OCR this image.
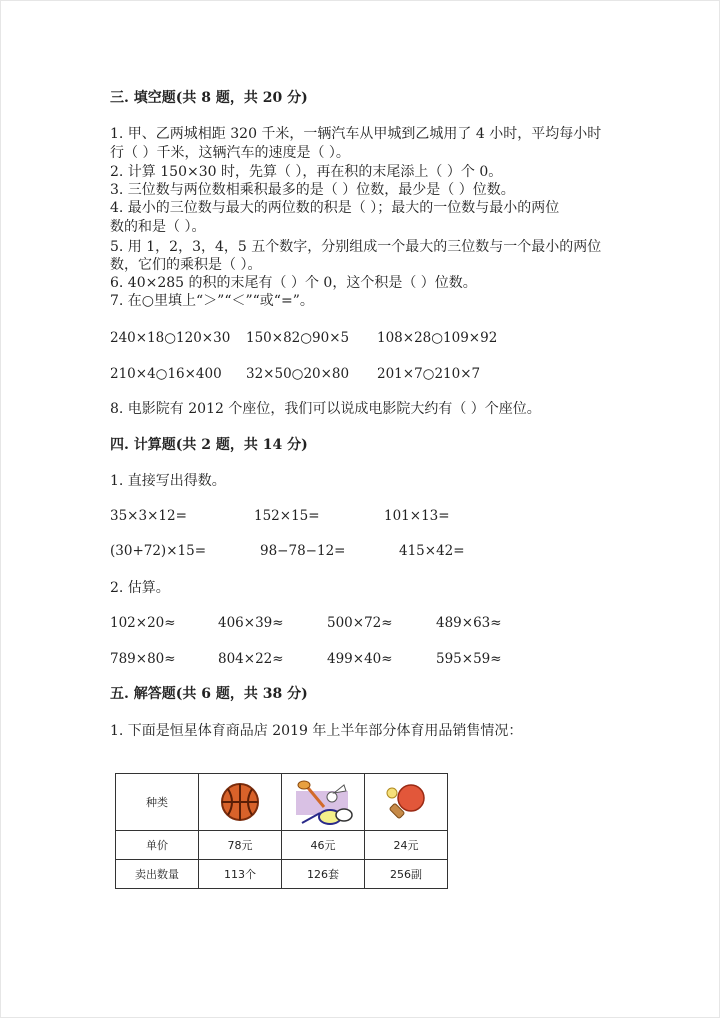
三. 填空题(共 8 题，共 20 分)
1. 甲、乙两城相距 320 千米，一辆汽车从甲城到乙城用了 4 小时，平均每小时
行（ ）千米，这辆汽车的速度是（ ）。
2. 计算 150×30 时，先算（ ），再在积的末尾添上（ ）个 0。
3. 三位数与两位数相乘积最多的是（ ）位数，最少是（ ）位数。
4. 最小的三位数与最大的两位数的积是（ ）；最大的一位数与最小的两位
数的和是（ ）。
5. 用 1，2，3，4，5 五个数字，分别组成一个最大的三位数与一个最小的两位
数，它们的乘积是（ ）。
6. 40×285 的积的末尾有（ ）个 0，这个积是（ ）位数。
7. 在○里填上“＞”“＜”“或“=”。
240×18○120×30 150×82○90×5 108×28○109×92
210×4○16×400 32×50○20×80 201×7○210×7
8. 电影院有 2012 个座位，我们可以说成电影院大约有（ ）个座位。
四. 计算题(共 2 题，共 14 分)
1. 直接写出得数。
35×3×12=	152×15=	101×13=
(30+72)×15=	98−78−12=	415×42=
2. 估算。
102×20≈	406×39≈	500×72≈	489×63≈
789×80≈	804×22≈	499×40≈	595×59≈
五. 解答题(共 6 题，共 38 分)
1. 下面是恒星体育商品店 2019 年上半年部分体育用品销售情况：
种类	

单价	78元	46元	24元
卖出数量	113个	126套	256副
